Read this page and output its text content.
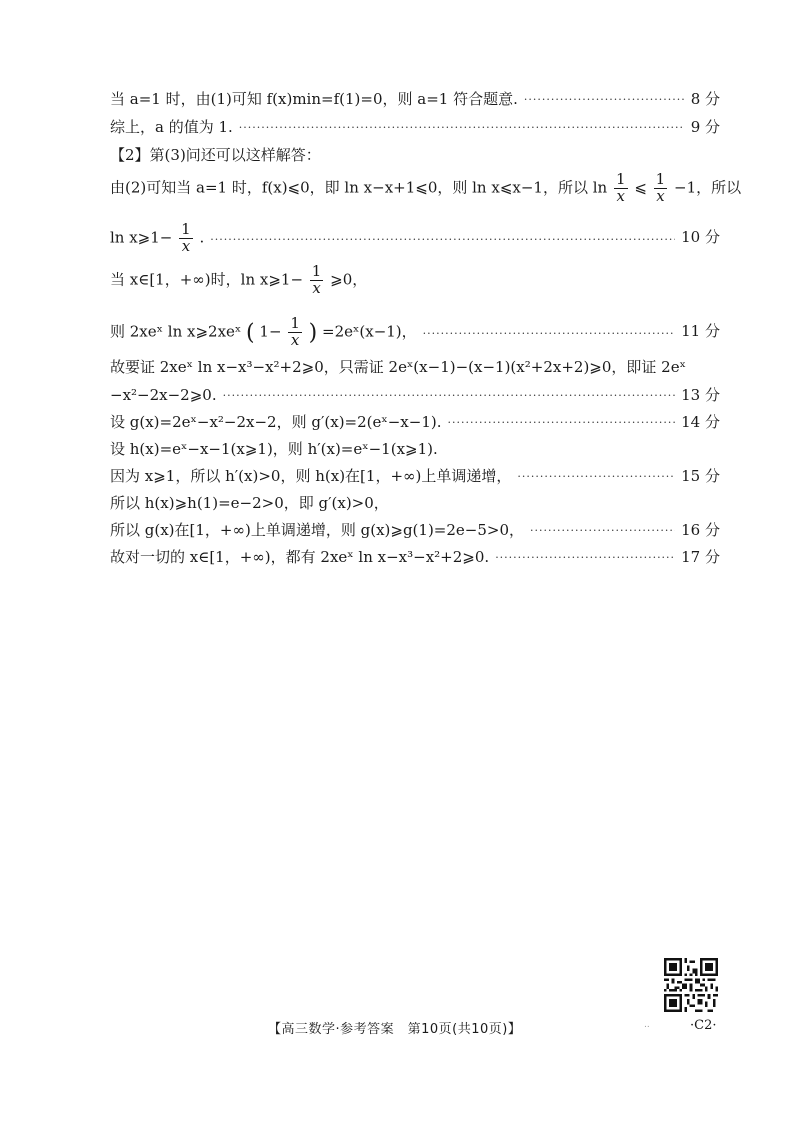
当 a=1 时，由(1)可知 f(x)min=f(1)=0，则 a=1 符合题意. ·····	8 分
综上，a 的值为 1. ·····	9 分
【2】第(3)问还可以这样解答：
由(2)可知当 a=1 时，f(x)⩽0，即 ln x−x+1⩽0，则 ln x⩽x−1，所以 $\ln \frac{1}{x}$ ⩽ $\frac{1}{x} -1$，所以
ln x⩾1− $\frac{1}{x}$ . ·····	10 分
当 x∈[1，+∞)时，ln x⩾1− $\frac{1}{x}$ ⩾0，
则 2xeˣ ln x⩾2xeˣ ( $1- \frac{1}{x}$ ) =2eˣ(x−1)， ·····	11 分
故要证 2xeˣ ln x−x³−x²+2⩾0，只需证 2eˣ(x−1)−(x−1)(x²+2x+2)⩾0，即证 2eˣ
−x²−2x−2⩾0. ·····	13 分
设 g(x)=2eˣ−x²−2x−2，则 g′(x)=2(eˣ−x−1). ·····	14 分
设 h(x)=eˣ−x−1(x⩾1)，则 h′(x)=eˣ−1(x⩾1).
因为 x⩾1，所以 h′(x)>0，则 h(x)在[1，+∞)上单调递增， ·····	15 分
所以 h(x)⩾h(1)=e−2>0，即 g′(x)>0，
所以 g(x)在[1，+∞)上单调递增，则 g(x)⩾g(1)=2e−5>0， ·····	16 分
故对一切的 x∈[1，+∞)，都有 2xeˣ ln x−x³−x²+2⩾0. ·····	17 分
【高三数学·参考答案　第10页(共10页)】	..	·C2·
